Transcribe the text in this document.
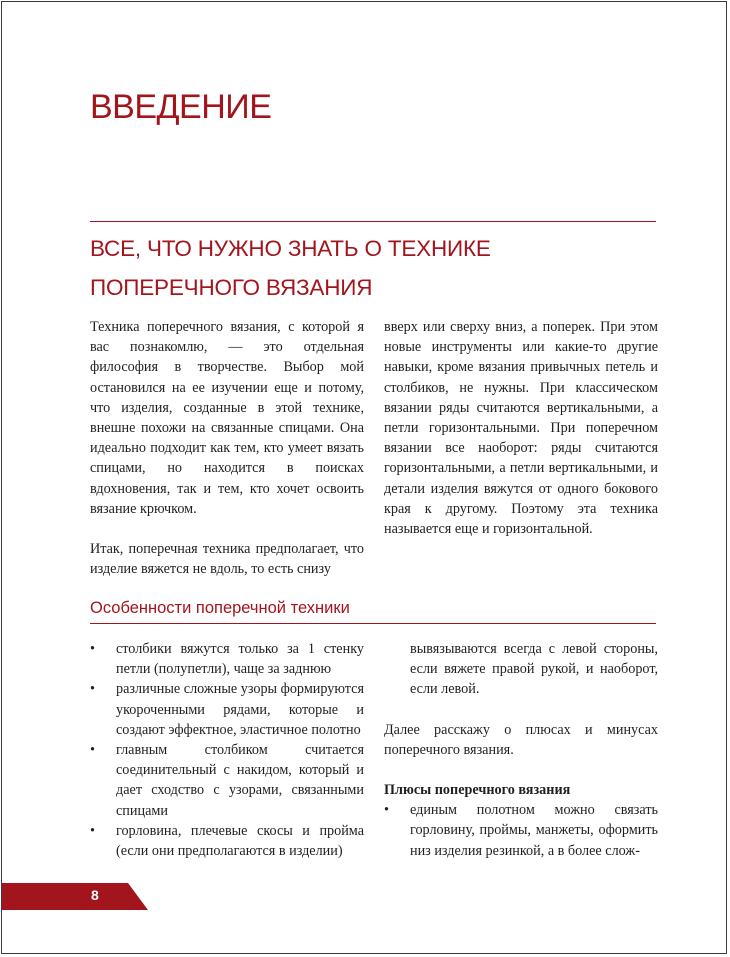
ВВЕДЕНИЕ
ВСЕ, ЧТО НУЖНО ЗНАТЬ О ТЕХНИКЕ ПОПЕРЕЧНОГО ВЯЗАНИЯ

Техника поперечного вязания, с которой я вас познакомлю, — это отдельная философия в творчестве. Выбор мой остановился на ее изучении еще и потому, что изделия, созданные в этой технике, внешне похожи на связанные спицами. Она идеально подходит как тем, кто умеет вязать спицами, но находится в поисках вдохновения, так и тем, кто хочет освоить вязание крючком.

Итак, поперечная техника предполагает, что изделие вяжется не вдоль, то есть снизу

вверх или сверху вниз, а поперек. При этом новые инструменты или какие-то другие навыки, кроме вязания привычных петель и столбиков, не нужны. При классическом вязании ряды считаются вертикальными, а петли горизонтальными. При поперечном вязании все наоборот: ряды считаются горизонтальными, а петли вертикальными, и детали изделия вяжутся от одного бокового края к другому. Поэтому эта техника называется еще и горизонтальной.

Особенности поперечной техники
• столбики вяжутся только за 1 стенку петли (полупетли), чаще за заднюю
• различные сложные узоры формируются укороченными рядами, которые и создают эффектное, эластичное полотно
• главным столбиком считается соединительный с накидом, который и дает сходство с узорами, связанными спицами
• горловина, плечевые скосы и пройма (если они предполагаются в изделии)

вывязываются всегда с левой стороны, если вяжете правой рукой, и наоборот, если левой.

Далее расскажу о плюсах и минусах поперечного вязания.

Плюсы поперечного вязания

• единым полотном можно связать горловину, проймы, манжеты, оформить низ изделия резинкой, а в более слож-
8
